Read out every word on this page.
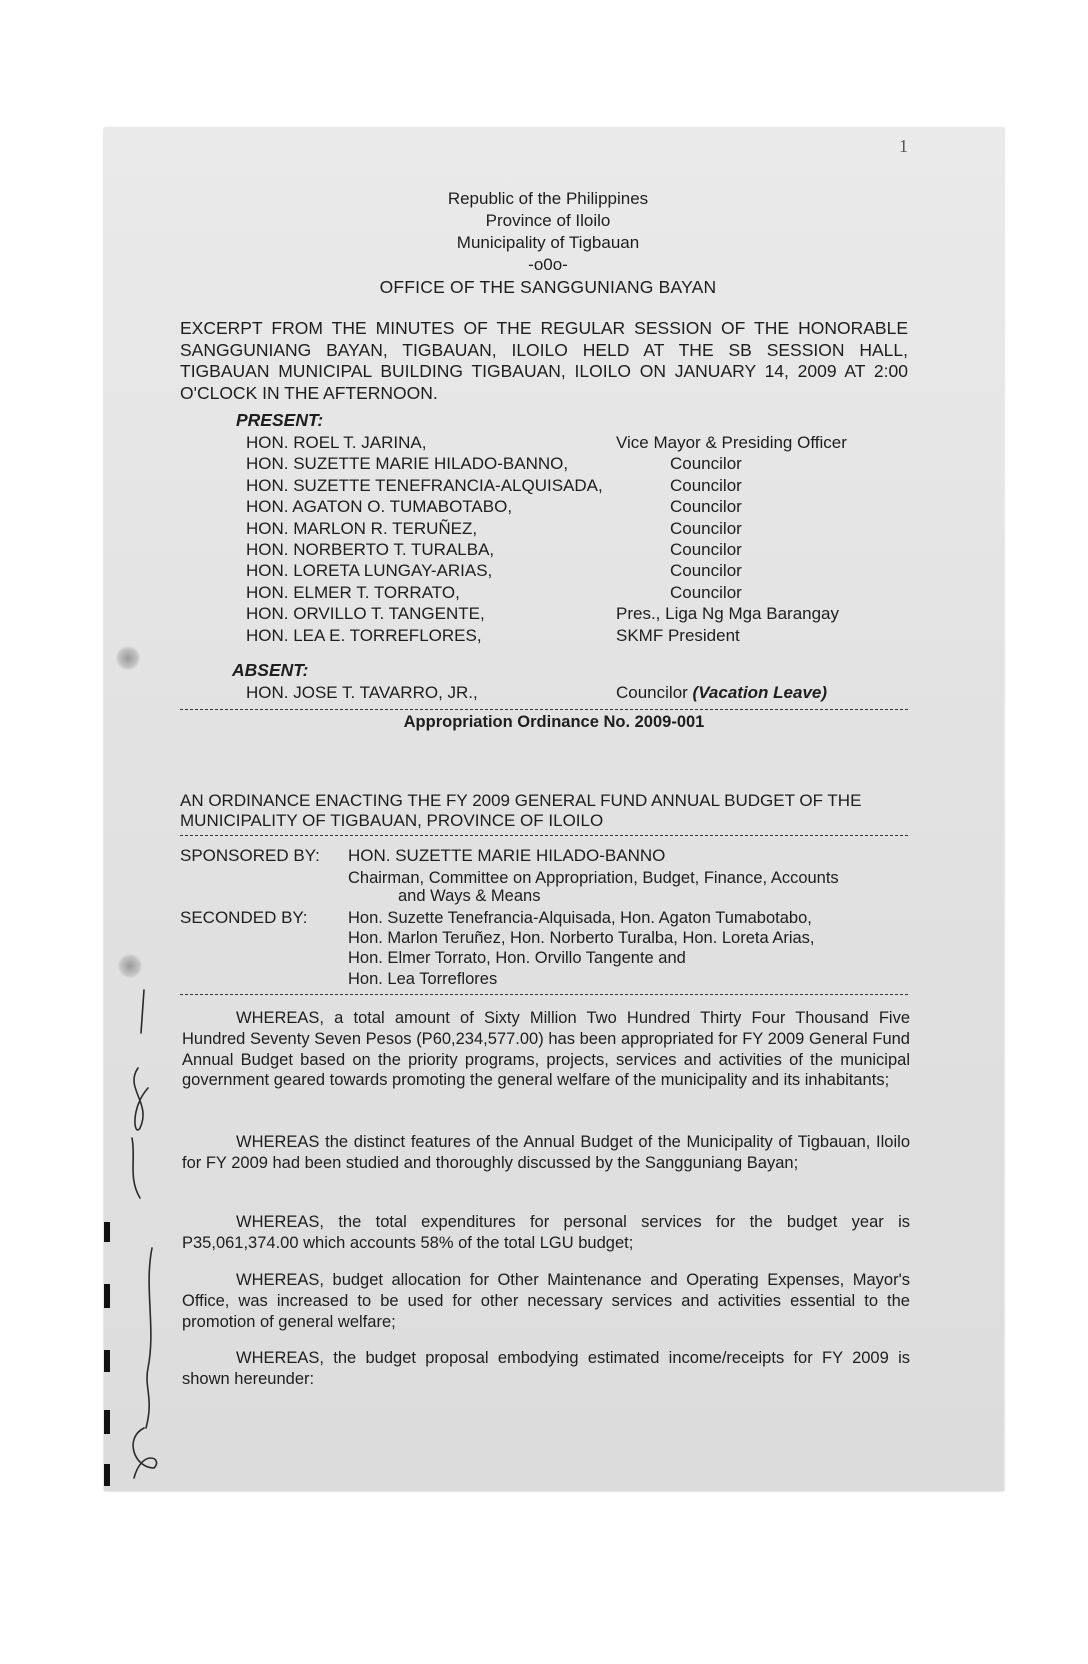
1
Republic of the Philippines
Province of Iloilo
Municipality of Tigbauan
-o0o-
OFFICE OF THE SANGGUNIANG BAYAN
EXCERPT FROM THE MINUTES OF THE REGULAR SESSION OF THE HONORABLE SANGGUNIANG BAYAN, TIGBAUAN, ILOILO HELD AT THE SB SESSION HALL, TIGBAUAN MUNICIPAL BUILDING TIGBAUAN, ILOILO ON JANUARY 14, 2009 AT 2:00 O'CLOCK IN THE AFTERNOON.
PRESENT:
HON. ROEL T. JARINA,
HON. SUZETTE MARIE HILADO-BANNO,
HON. SUZETTE TENEFRANCIA-ALQUISADA,
HON. AGATON O. TUMABOTABO,
HON. MARLON R. TERUÑEZ,
HON. NORBERTO T. TURALBA,
HON. LORETA LUNGAY-ARIAS,
HON. ELMER T. TORRATO,
HON. ORVILLO T. TANGENTE,
HON. LEA E. TORREFLORES,
Vice Mayor & Presiding Officer
Councilor
Councilor
Councilor
Councilor
Councilor
Councilor
Councilor
Pres., Liga Ng Mga Barangay
SKMF President
ABSENT:
HON. JOSE T. TAVARRO, JR.,	Councilor (Vacation Leave)
Appropriation Ordinance No. 2009-001
AN ORDINANCE ENACTING THE FY 2009 GENERAL FUND ANNUAL BUDGET OF THE MUNICIPALITY OF TIGBAUAN, PROVINCE OF ILOILO
SPONSORED BY: HON. SUZETTE MARIE HILADO-BANNO
Chairman, Committee on Appropriation, Budget, Finance, Accounts
and Ways & Means
SECONDED BY: Hon. Suzette Tenefrancia-Alquisada, Hon. Agaton Tumabotabo,
Hon. Marlon Teruñez, Hon. Norberto Turalba, Hon. Loreta Arias,
Hon. Elmer Torrato, Hon. Orvillo Tangente and
Hon. Lea Torreflores

WHEREAS, a total amount of Sixty Million Two Hundred Thirty Four Thousand Five Hundred Seventy Seven Pesos (P60,234,577.00) has been appropriated for FY 2009 General Fund Annual Budget based on the priority programs, projects, services and activities of the municipal government geared towards promoting the general welfare of the municipality and its inhabitants;

WHEREAS the distinct features of the Annual Budget of the Municipality of Tigbauan, Iloilo for FY 2009 had been studied and thoroughly discussed by the Sangguniang Bayan;

WHEREAS, the total expenditures for personal services for the budget year is P35,061,374.00 which accounts 58% of the total LGU budget;

WHEREAS, budget allocation for Other Maintenance and Operating Expenses, Mayor's Office, was increased to be used for other necessary services and activities essential to the promotion of general welfare;

WHEREAS, the budget proposal embodying estimated income/receipts for FY 2009 is shown hereunder:
